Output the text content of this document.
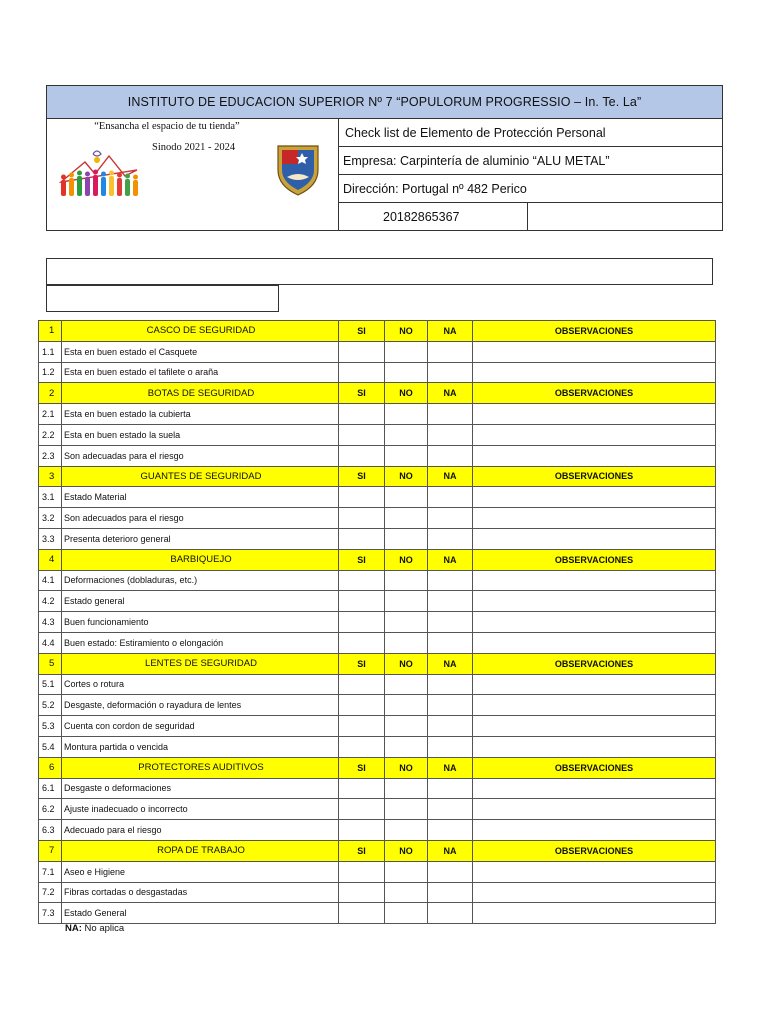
INSTITUTO DE EDUCACION SUPERIOR Nº 7 “POPULORUM PROGRESSIO – In. Te. La”
“Ensancha el espacio de tu tienda”
Sinodo 2021 - 2024
Check list de Elemento de Protección Personal
Empresa: Carpintería de aluminio “ALU METAL”
Dirección: Portugal nº 482 Perico
20182865367
1	CASCO DE SEGURIDAD	SI	NO	NA	OBSERVACIONES
1.1	Esta en buen estado el Casquete				
1.2	Esta en buen estado el tafilete o araña				
2	BOTAS DE SEGURIDAD	SI	NO	NA	OBSERVACIONES
2.1	Esta en buen estado la cubierta				
2.2	Esta en buen estado la suela				
2.3	Son adecuadas para el riesgo				
3	GUANTES DE SEGURIDAD	SI	NO	NA	OBSERVACIONES
3.1	Estado Material				
3.2	Son adecuados para el riesgo				
3.3	Presenta deterioro general				
4	BARBIQUEJO	SI	NO	NA	OBSERVACIONES
4.1	Deformaciones (dobladuras, etc.)				
4.2	Estado general				
4.3	Buen funcionamiento				
4.4	Buen estado: Estiramiento o elongación				
5	LENTES DE SEGURIDAD	SI	NO	NA	OBSERVACIONES
5.1	Cortes o rotura				
5.2	Desgaste, deformación o rayadura de lentes				
5.3	Cuenta con cordon de seguridad				
5.4	Montura partida o vencida				
6	PROTECTORES AUDITIVOS	SI	NO	NA	OBSERVACIONES
6.1	Desgaste o deformaciones				
6.2	Ajuste inadecuado o incorrecto				
6.3	Adecuado para el riesgo				
7	ROPA DE TRABAJO	SI	NO	NA	OBSERVACIONES
7.1	Aseo e Higiene				
7.2	Fibras cortadas o desgastadas				
7.3	Estado General				
NA: No aplica
